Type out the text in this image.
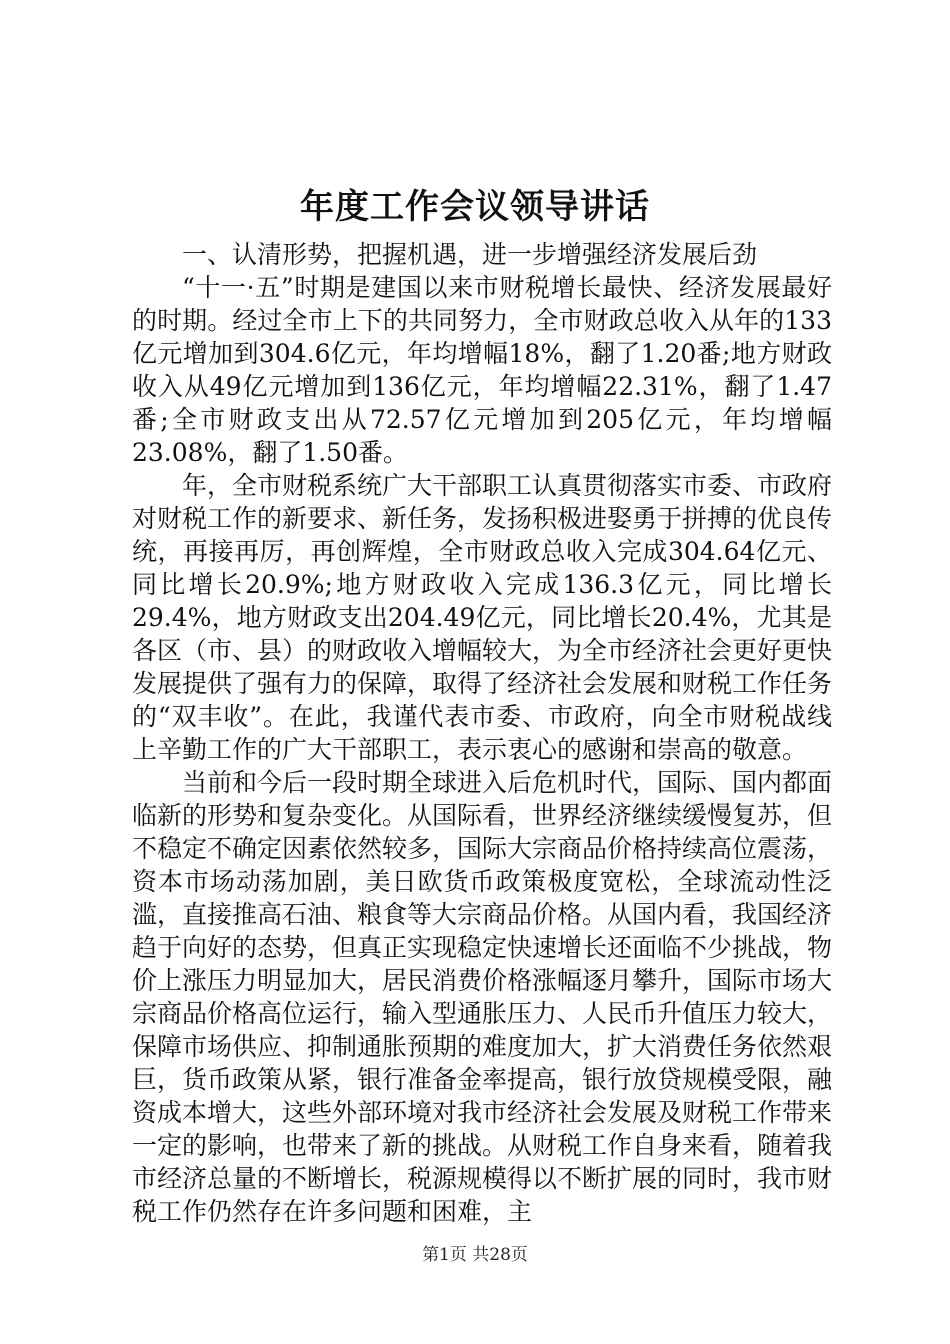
年度工作会议领导讲话

一、认清形势，把握机遇，进一步增强经济发展后劲

“十一·五”时期是建国以来市财税增长最快、经济发展最好的时期。经过全市上下的共同努力，全市财政总收入从年的133亿元增加到304.6亿元，年均增幅18%，翻了1.20番;地方财政收入从49亿元增加到136亿元，年均增幅22.31%，翻了1.47番;全市财政支出从72.57亿元增加到205亿元，年均增幅23.08%，翻了1.50番。

年，全市财税系统广大干部职工认真贯彻落实市委、市政府对财税工作的新要求、新任务，发扬积极进娶勇于拼搏的优良传统，再接再厉，再创辉煌，全市财政总收入完成304.64亿元、同比增长20.9%;地方财政收入完成136.3亿元，同比增长29.4%，地方财政支出204.49亿元，同比增长20.4%，尤其是各区（市、县）的财政收入增幅较大，为全市经济社会更好更快发展提供了强有力的保障，取得了经济社会发展和财税工作任务的“双丰收”。在此，我谨代表市委、市政府，向全市财税战线上辛勤工作的广大干部职工，表示衷心的感谢和崇高的敬意。

当前和今后一段时期全球进入后危机时代，国际、国内都面临新的形势和复杂变化。从国际看，世界经济继续缓慢复苏，但不稳定不确定因素依然较多，国际大宗商品价格持续高位震荡，资本市场动荡加剧，美日欧货币政策极度宽松，全球流动性泛滥，直接推高石油、粮食等大宗商品价格。从国内看，我国经济趋于向好的态势，但真正实现稳定快速增长还面临不少挑战，物价上涨压力明显加大，居民消费价格涨幅逐月攀升，国际市场大宗商品价格高位运行，输入型通胀压力、人民币升值压力较大，保障市场供应、抑制通胀预期的难度加大，扩大消费任务依然艰巨，货币政策从紧，银行准备金率提高，银行放贷规模受限，融资成本增大，这些外部环境对我市经济社会发展及财税工作带来一定的影响，也带来了新的挑战。从财税工作自身来看，随着我市经济总量的不断增长，税源规模得以不断扩展的同时，我市财税工作仍然存在许多问题和困难，主

第1页 共28页
